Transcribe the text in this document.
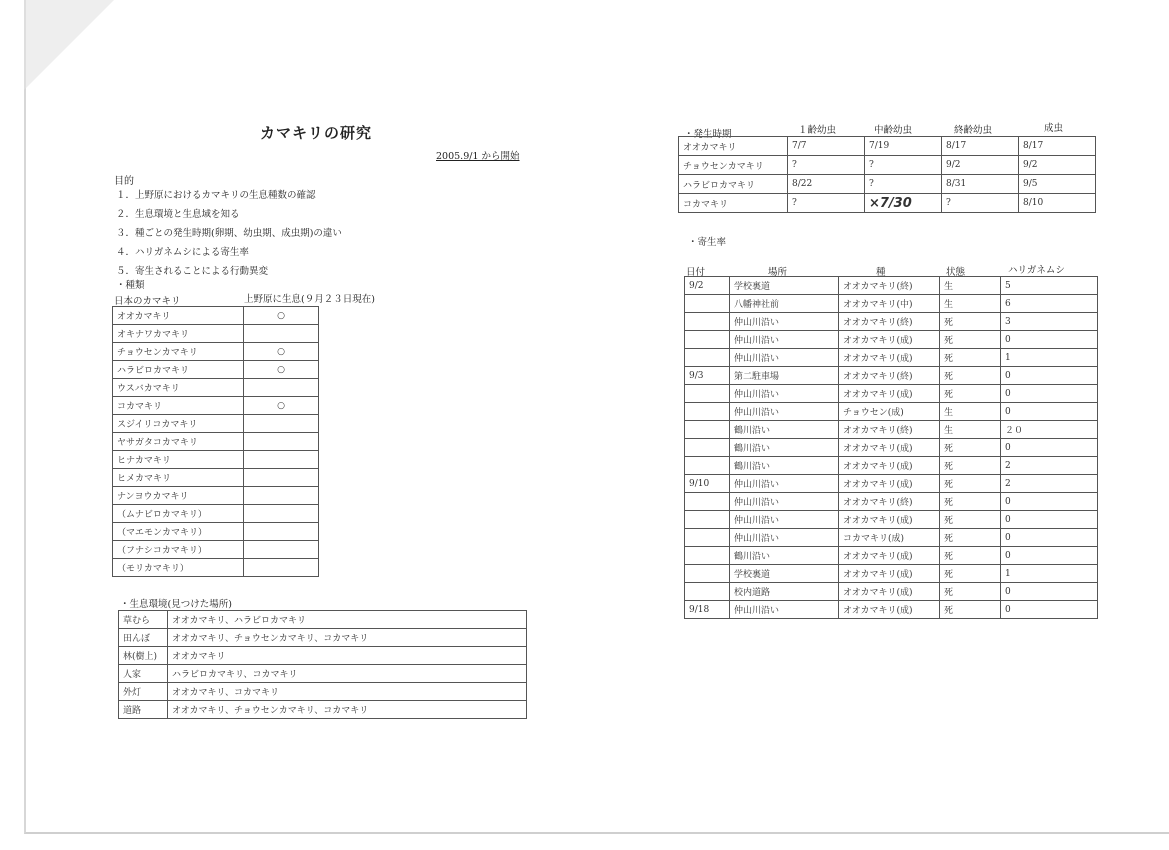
カマキリの研究
2005.9/1 から開始
目的
１．上野原におけるカマキリの生息種数の確認
２．生息環境と生息域を知る
３．種ごとの発生時期(卵期、幼虫期、成虫期)の違い
４．ハリガネムシによる寄生率
５．寄生されることによる行動異変
・種類
日本のカマキリ	上野原に生息(９月２３日現在)
オオカマキリ	○
オキナワカマキリ	
チョウセンカマキリ	○
ハラビロカマキリ	○
ウスバカマキリ	
コカマキリ	○
スジイリコカマキリ	
ヤサガタコカマキリ	
ヒナカマキリ	
ヒメカマキリ	
ナンヨウカマキリ	
（ムナビロカマキリ）	
（マエモンカマキリ）	
（フナシコカマキリ）	
（モリカマキリ）	
・生息環境(見つけた場所)
草むら	オオカマキリ、ハラビロカマキリ
田んぼ	オオカマキリ、チョウセンカマキリ、コカマキリ
林(樹上)	オオカマキリ
人家	ハラビロカマキリ、コカマキリ
外灯	オオカマキリ、コカマキリ
道路	オオカマキリ、チョウセンカマキリ、コカマキリ
・発生時期	１齢幼虫	中齢幼虫	終齢幼虫	成虫
オオカマキリ	7/7	7/19	8/17	8/17
チョウセンカマキリ	?	?	9/2	9/2
ハラビロカマキリ	8/22	?	8/31	9/5
コカマキリ	?	×7/30	?	8/10
・寄生率
日付	場所	種	状態	ハリガネムシ
9/2	学校裏道	オオカマキリ(終)	生	5
	八幡神社前	オオカマキリ(中)	生	6
	仲山川沿い	オオカマキリ(終)	死	3
	仲山川沿い	オオカマキリ(成)	死	0
	仲山川沿い	オオカマキリ(成)	死	1
9/3	第二駐車場	オオカマキリ(終)	死	0
	仲山川沿い	オオカマキリ(成)	死	0
	仲山川沿い	チョウセン(成)	生	0
	鶴川沿い	オオカマキリ(終)	生	２０
	鶴川沿い	オオカマキリ(成)	死	0
	鶴川沿い	オオカマキリ(成)	死	2
9/10	仲山川沿い	オオカマキリ(成)	死	2
	仲山川沿い	オオカマキリ(終)	死	0
	仲山川沿い	オオカマキリ(成)	死	0
	仲山川沿い	コカマキリ(成)	死	0
	鶴川沿い	オオカマキリ(成)	死	0
	学校裏道	オオカマキリ(成)	死	1
	校内道路	オオカマキリ(成)	死	0
9/18	仲山川沿い	オオカマキリ(成)	死	0
